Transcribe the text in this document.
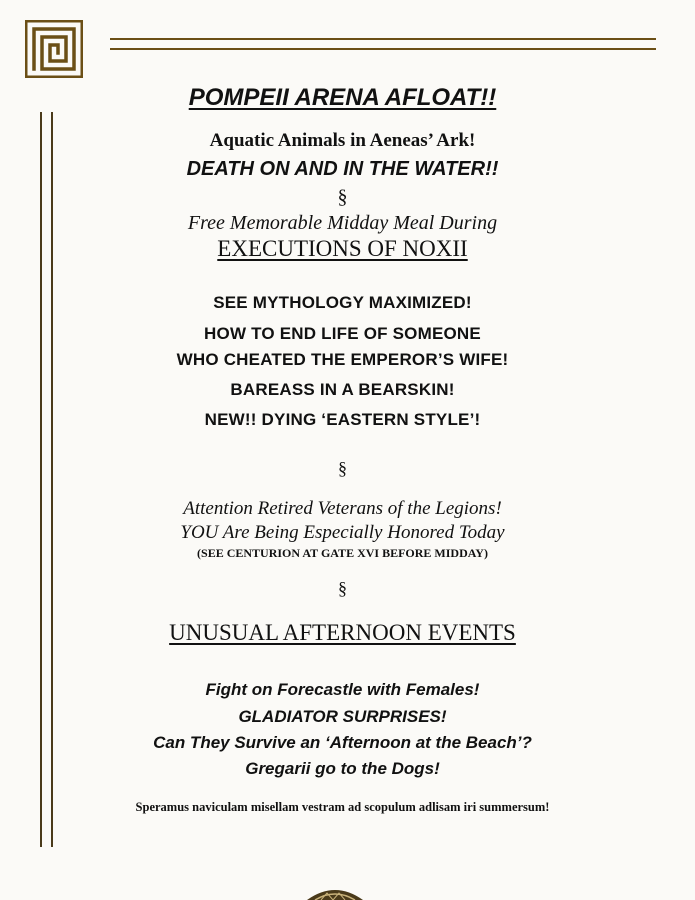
POMPEII ARENA AFLOAT!!
Aquatic Animals in Aeneas’ Ark!
DEATH ON AND IN THE WATER!!
§
Free Memorable Midday Meal During
EXECUTIONS OF NOXII
SEE MYTHOLOGY MAXIMIZED!
HOW TO END LIFE OF SOMEONE
WHO CHEATED THE EMPEROR’S WIFE!
BAREASS IN A BEARSKIN!
NEW!! DYING ‘EASTERN STYLE’!
§
Attention Retired Veterans of the Legions!
YOU Are Being Especially Honored Today
(SEE CENTURION AT GATE XVI BEFORE MIDDAY)
§
UNUSUAL AFTERNOON EVENTS
Fight on Forecastle with Females!
GLADIATOR SURPRISES!
Can They Survive an ‘Afternoon at the Beach’?
Gregarii go to the Dogs!
Speramus naviculam misellam vestram ad scopulum adlisam iri summersum!
